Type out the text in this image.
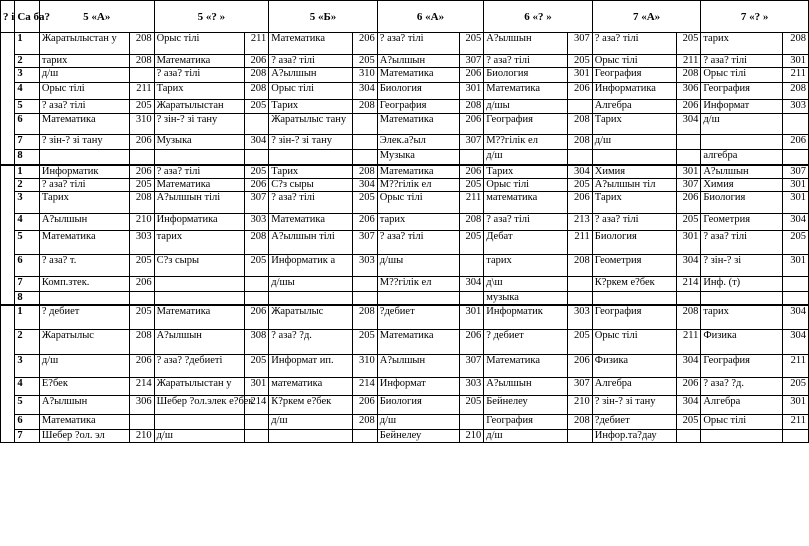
? і	Са ба?	5 «А»		5 «? »		5 «Б»		6 «А»		6 «? »		7 «А»		7 «? »	
	1	Жаратылыстан у	208	Орыс тілі	211	Математика	206	? аза? тілі	205	А?ылшын	307	? аза? тілі	205	тарих	208
	2	тарих	208	Математика	206	? аза? тілі	205	А?ылшын	307	? аза? тілі	205	Орыс тілі	211	? аза? тілі	301
	3	д/ш		? аза? тілі	208	А?ылшын	310	Математика	206	Биология	301	География	208	Орыс тілі	211
	4	Орыс тілі	211	Тарих	208	Орыс тілі	304	Биология	301	Математика	206	Информатика	306	География	208
	5	? аза? тілі	205	Жаратылыстан	205	Тарих	208	География	208	д/шы		Алгебра	206	Информат	303
	6	Математика	310	? зін-? зі тану		Жаратылыс тану		Математика	206	География	208	Тарих	304	д/ш	
	7	? зін-? зі тану	206	Музыка	304	? зін-? зі тану		Элек.а?ыл	307	М??гілік ел	208	д/ш			206
	8							Музыка		д/ш				алгебра	
	1	Информатик	206	? аза? тілі	205	Тарих	208	Математика	206	Тарих	304	Химия	301	А?ылшын	307
	2	? аза? тілі	205	Математика	206	С?з сыры	304	М??гілік ел	205	Орыс тілі	205	А?ылшын тіл	307	Химия	301
	3	Тарих	208	А?ылшын тілі	307	? аза? тілі	205	Орыс тілі	211	математика	206	Тарих	206	Биология	301
	4	А?ылшын	210	Информатика	303	Математика	206	тарих	208	? аза? тілі	213	? аза? тілі	205	Геометрия	304
	5	Математика	303	тарих	208	А?ылшын тілі	307	? аза? тілі	205	Дебат	211	Биология	301	? аза? тілі	205
	6	? аза? т.	205	С?з сыры	205	Информатик а	303	д/шы		тарих	208	Геометрия	304	? зін-? зі	301
	7	Комп.зтек.	206			д/шы		М??гілік ел	304	д\ш		К?ркем е?бек	214	Инф. (т)	
	8									музыка					
	1	? дебиет	205	Математика	206	Жаратылыс	208	?дебиет	301	Информатик	303	География	208	тарих	304
	2	Жаратылыс	208	А?ылшын	308	? аза? ?д.	205	Математика	206	? дебиет	205	Орыс тілі	211	Физика	304
	3	д/ш	206	? аза? ?дебиеті	205	Информат ип.	310	А?ылшын	307	Математика	206	Физика	304	География	211
	4	Е?бек	214	Жаратылыстан у	301	математика	214	Информат	303	А?ылшын	307	Алгебра	206	? аза? ?д.	205
	5	А?ылшын	306	Шебер ?ол.элек е?бек	214	К?ркем е?бек	206	Биология	205	Бейнелеу	210	? зін-? зі тану	304	Алгебра	301
	6	Математика				д/ш	208	д/ш		География	208	?дебиет	205	Орыс тілі	211
	7	Шебер ?ол. эл	210	д/ш				Бейнелеу	210	д/ш		Инфор.та?дау			
